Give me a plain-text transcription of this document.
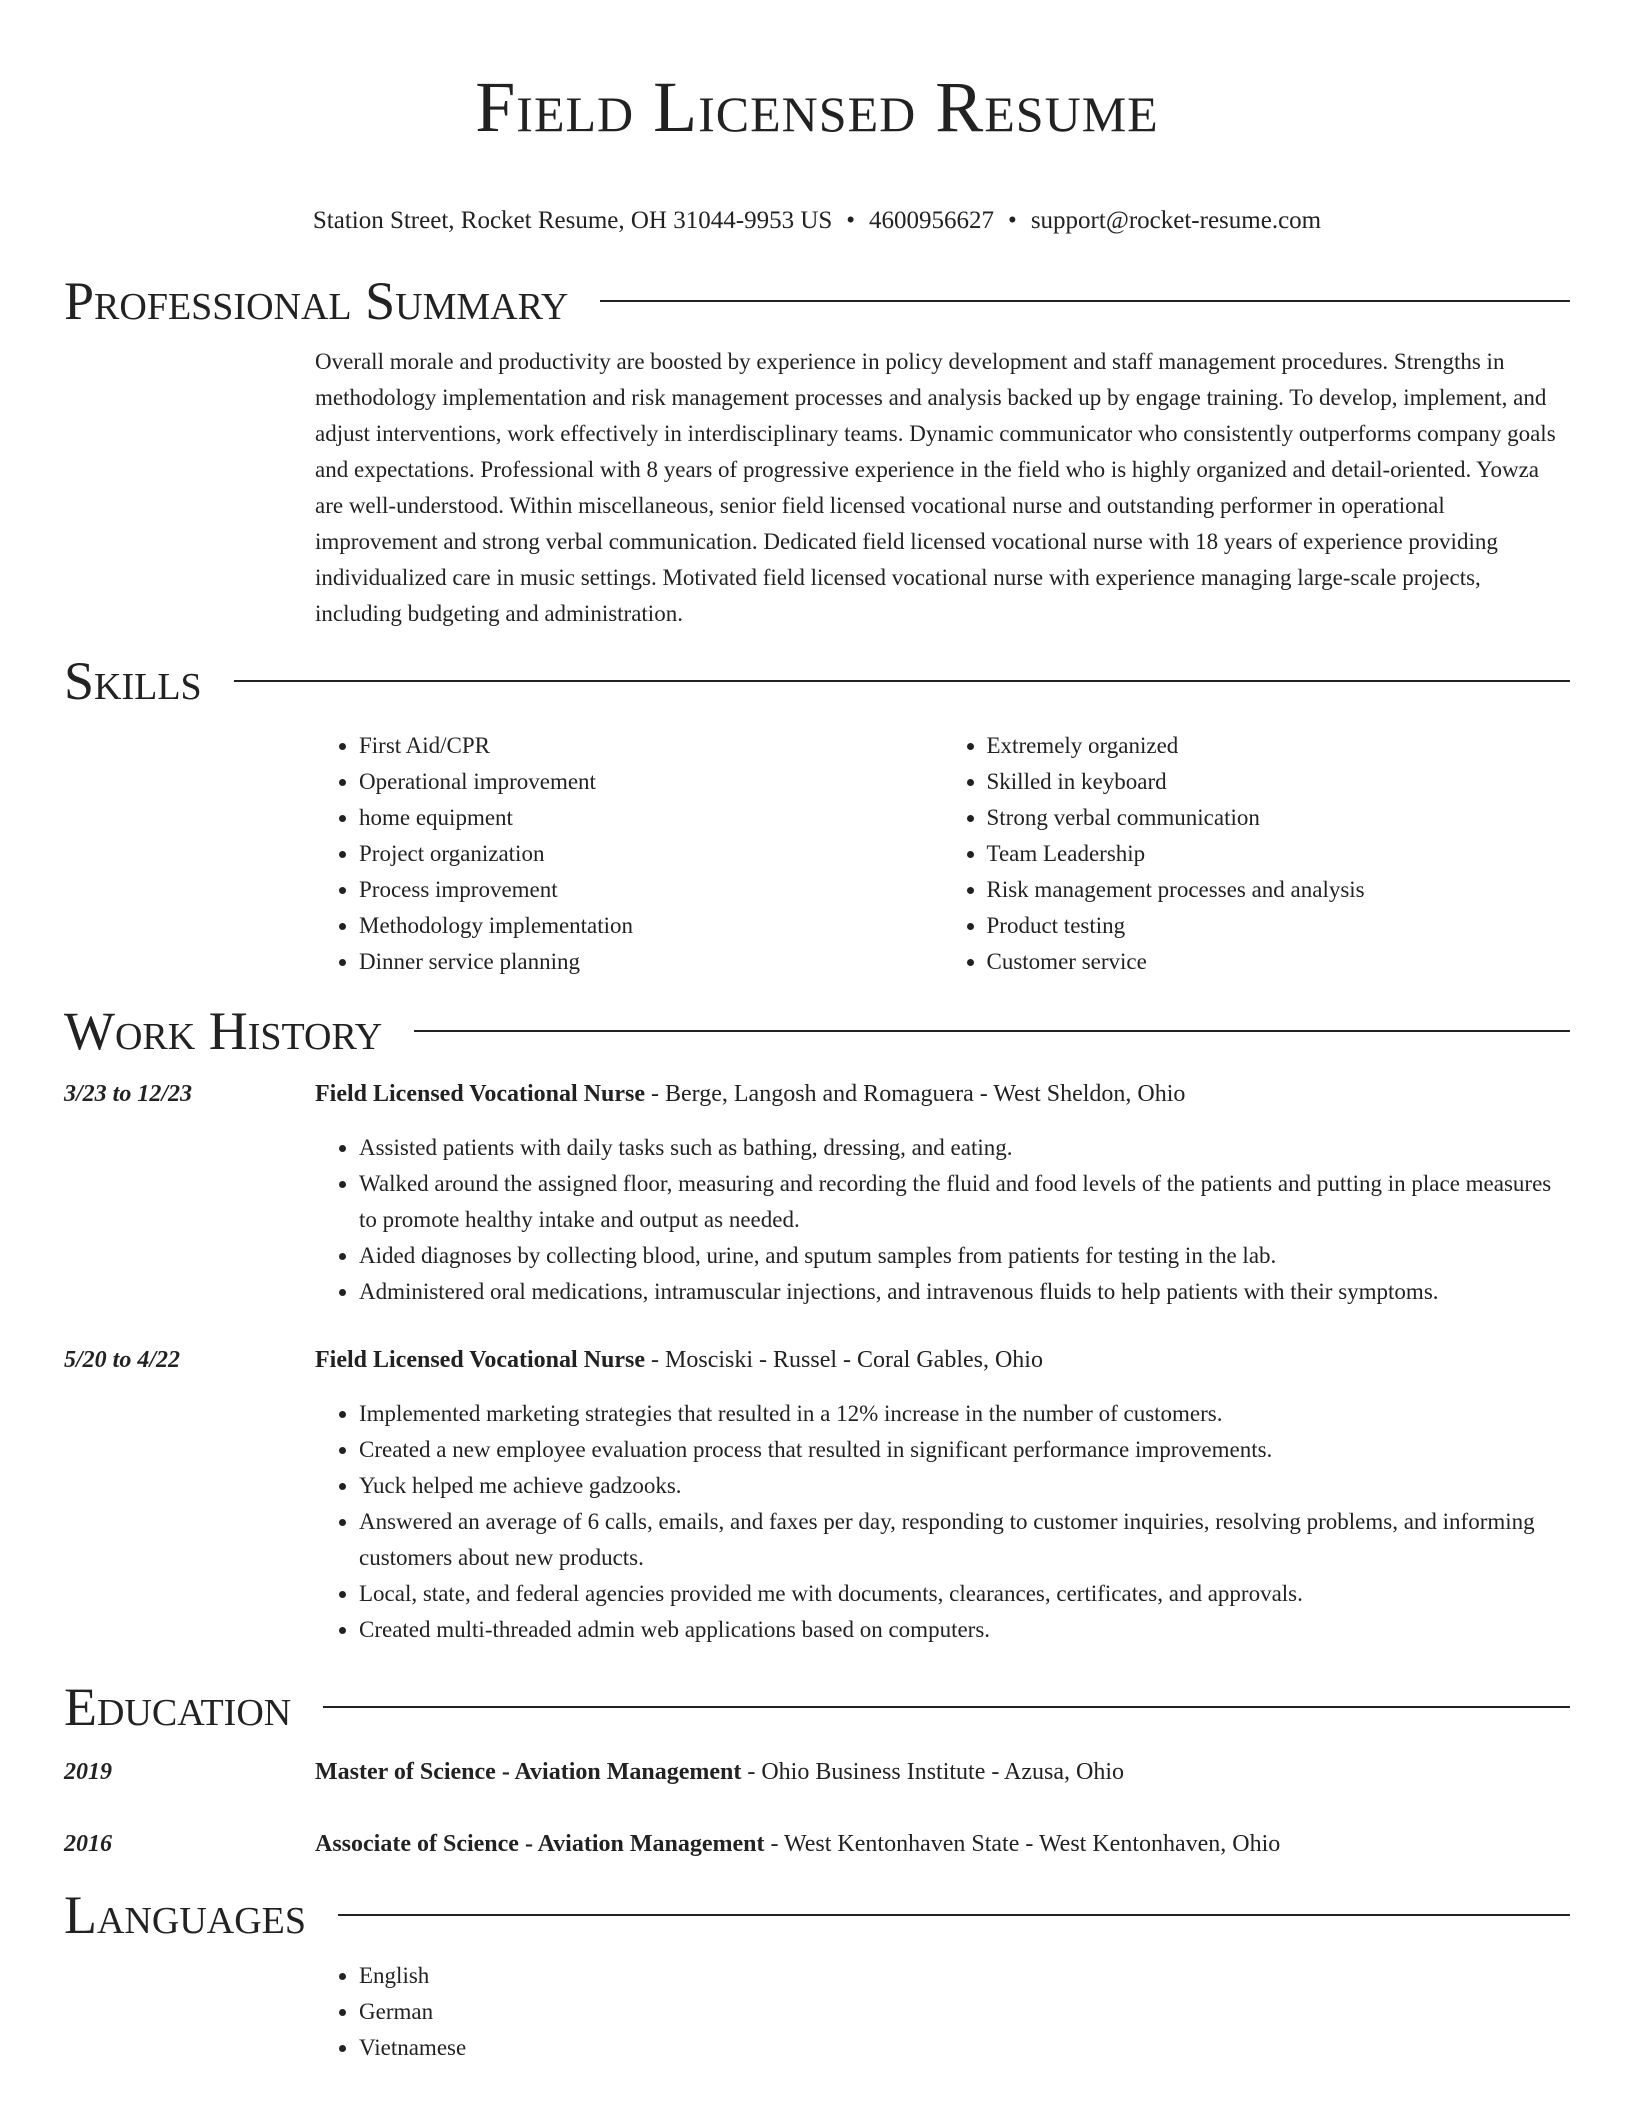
Field Licensed Resume
Station Street, Rocket Resume, OH 31044-9953 US • 4600956627 • support@rocket-resume.com
Professional Summary

Overall morale and productivity are boosted by experience in policy development and staff management procedures. Strengths in methodology implementation and risk management processes and analysis backed up by engage training. To develop, implement, and adjust interventions, work effectively in interdisciplinary teams. Dynamic communicator who consistently outperforms company goals and expectations. Professional with 8 years of progressive experience in the field who is highly organized and detail-oriented. Yowza are well-understood. Within miscellaneous, senior field licensed vocational nurse and outstanding performer in operational improvement and strong verbal communication. Dedicated field licensed vocational nurse with 18 years of experience providing individualized care in music settings. Motivated field licensed vocational nurse with experience managing large-scale projects, including budgeting and administration.

Skills
• First Aid/CPR
• Operational improvement
• home equipment
• Project organization
• Process improvement
• Methodology implementation
• Dinner service planning
• Extremely organized
• Skilled in keyboard
• Strong verbal communication
• Team Leadership
• Risk management processes and analysis
• Product testing
• Customer service
Work History
3/23 to 12/23	Field Licensed Vocational Nurse - Berge, Langosh and Romaguera - West Sheldon, Ohio
• Assisted patients with daily tasks such as bathing, dressing, and eating.
• Walked around the assigned floor, measuring and recording the fluid and food levels of the patients and putting in place measures to promote healthy intake and output as needed.
• Aided diagnoses by collecting blood, urine, and sputum samples from patients for testing in the lab.
• Administered oral medications, intramuscular injections, and intravenous fluids to help patients with their symptoms.
5/20 to 4/22	Field Licensed Vocational Nurse - Mosciski - Russel - Coral Gables, Ohio
• Implemented marketing strategies that resulted in a 12% increase in the number of customers.
• Created a new employee evaluation process that resulted in significant performance improvements.
• Yuck helped me achieve gadzooks.
• Answered an average of 6 calls, emails, and faxes per day, responding to customer inquiries, resolving problems, and informing customers about new products.
• Local, state, and federal agencies provided me with documents, clearances, certificates, and approvals.
• Created multi-threaded admin web applications based on computers.
Education
2019	Master of Science - Aviation Management - Ohio Business Institute - Azusa, Ohio
2016	Associate of Science - Aviation Management - West Kentonhaven State - West Kentonhaven, Ohio
Languages
• English
• German
• Vietnamese
